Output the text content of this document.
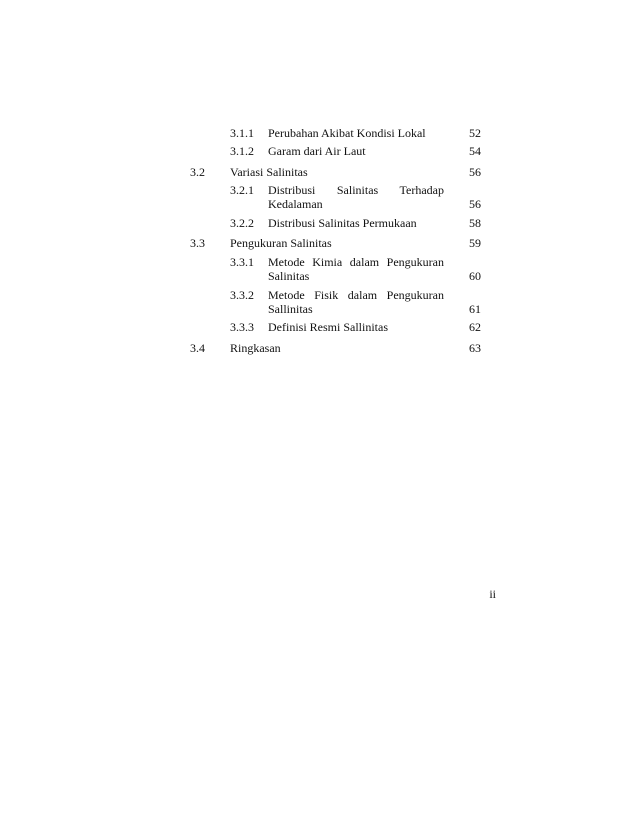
3.1.1 Perubahan Akibat Kondisi Lokal	52
3.1.2 Garam dari Air Laut	54
3.2 Variasi Salinitas	56
3.2.1 Distribusi Salinitas Terhadap
Kedalaman	56
3.2.2 Distribusi Salinitas Permukaan	58
3.3 Pengukuran Salinitas	59
3.3.1 Metode Kimia dalam Pengukuran
Salinitas	60
3.3.2 Metode Fisik dalam Pengukuran
Sallinitas	61
3.3.3 Definisi Resmi Sallinitas	62
3.4 Ringkasan	63
ii
